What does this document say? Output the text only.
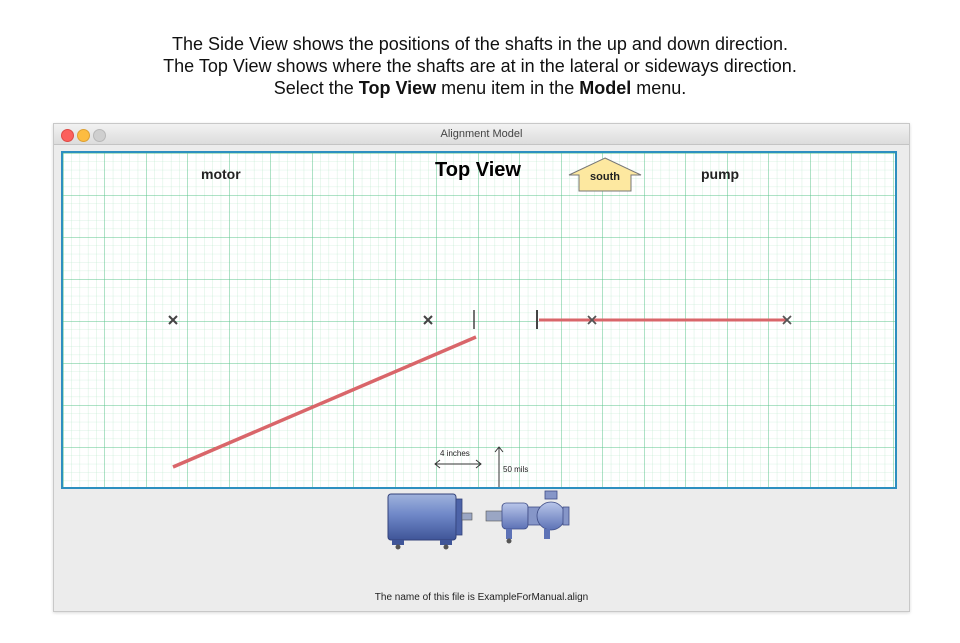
The Side View shows the positions of the shafts in the up and down direction.
The Top View shows where the shafts are at in the lateral or sideways direction.
Select the Top View menu item in the Model menu.
Alignment Model
motor	Top View	south	pump
4 inches
50 mils
The name of this file is ExampleForManual.align
